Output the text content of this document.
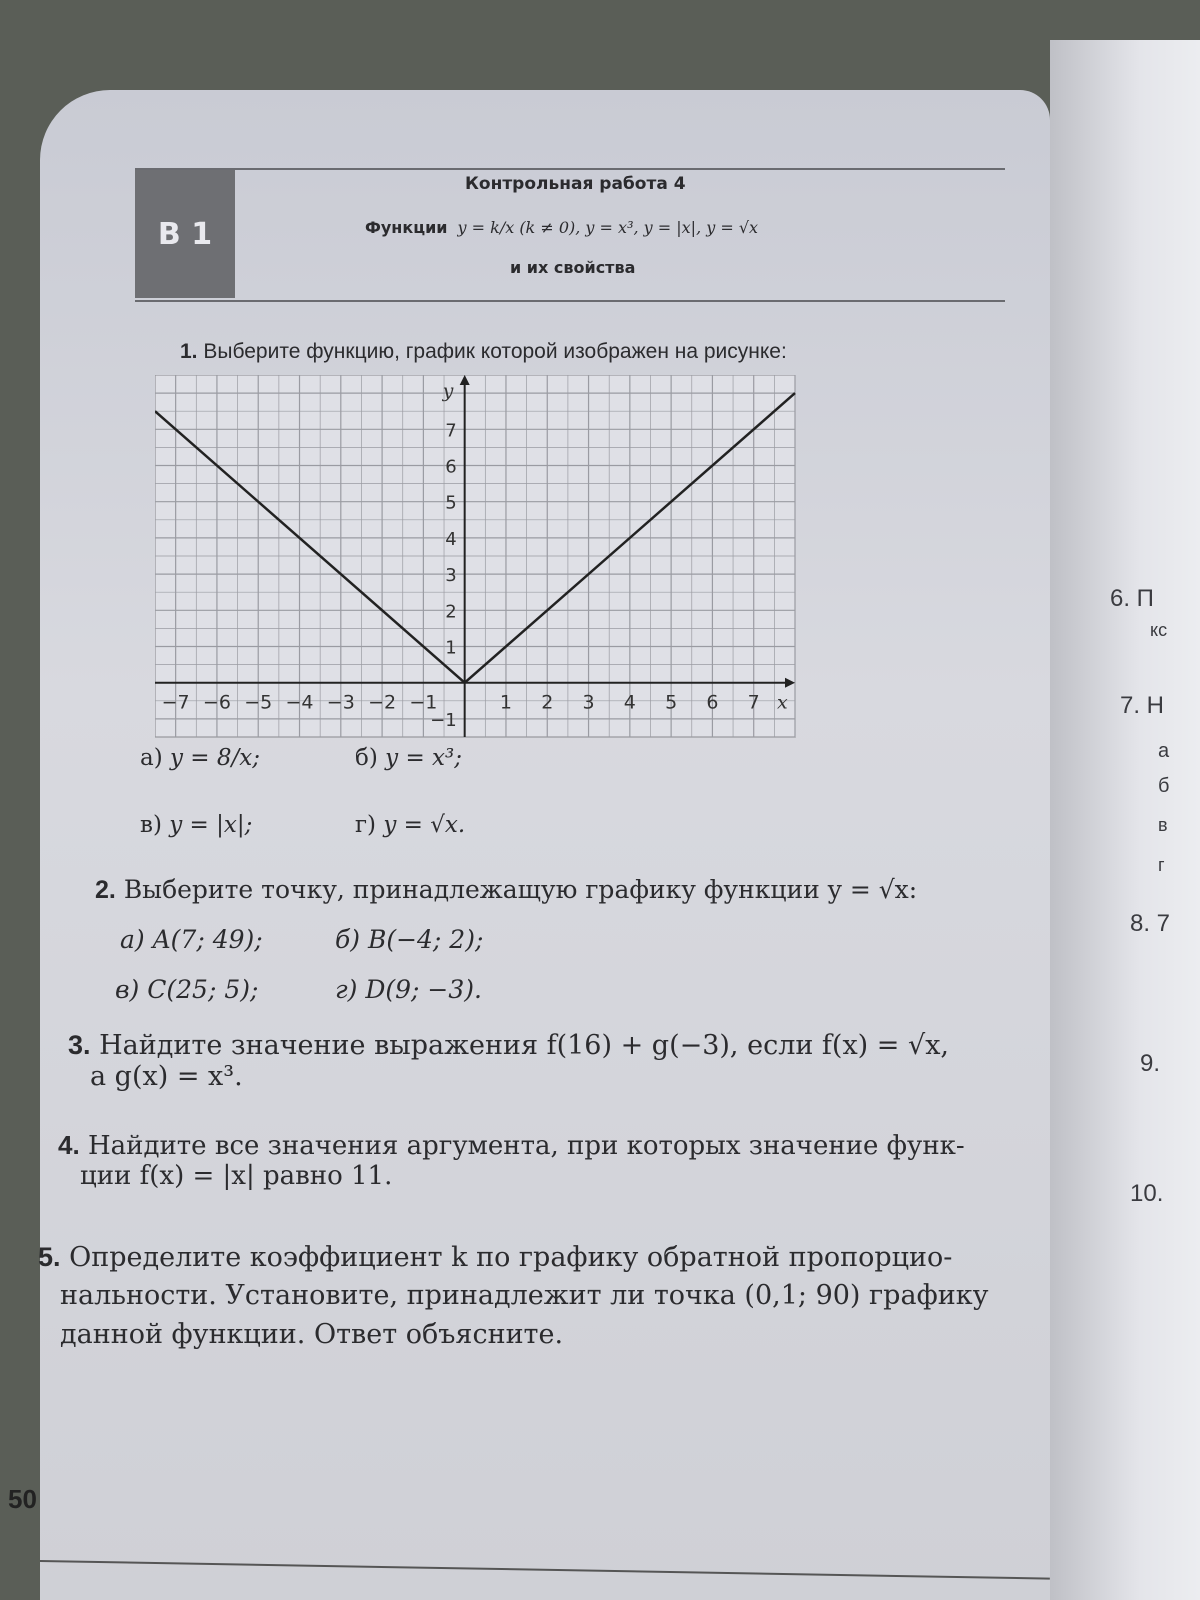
6. П
кс
7. Н
а
б
в
г
8. 7
9.
10.
В 1
Контрольная работа 4
Функции y = k/x (k ≠ 0), y = x³, y = |x|, y = √x
и их свойства
1. Выберите функцию, график которой изображен на рисунке:
−7 −6 −5 −4 −3 −2 −1	1 2 3 4 5 6 7
1
2
3
4
5
6
7
−1
x
y
а) y = 8/x;	б) y = x³;
в) y = |x|;	г) y = √x.
2. Выберите точку, принадлежащую графику функции y = √x:
а) A(7; 49);	б) B(−4; 2);
в) C(25; 5);	г) D(9; −3).
3. Найдите значение выражения f(16) + g(−3), если f(x) = √x,
а g(x) = x³.
4. Найдите все значения аргумента, при которых значение функ-
ции f(x) = |x| равно 11.
5. Определите коэффициент k по графику обратной пропорцио-
нальности. Установите, принадлежит ли точка (0,1; 90) графику
данной функции. Ответ объясните.
50
